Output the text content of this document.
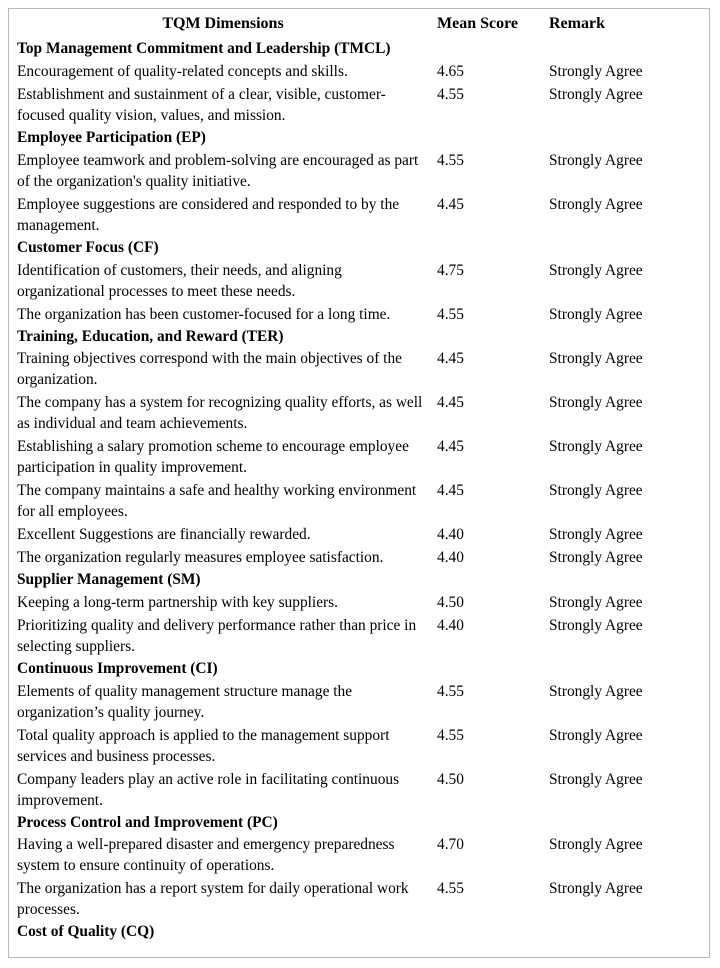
TQM Dimensions	Mean Score	Remark
Top Management Commitment and Leadership (TMCL)		
Encouragement of quality-related concepts and skills.	4.65	Strongly Agree
Establishment and sustainment of a clear, visible, customer-focused quality vision, values, and mission.	4.55	Strongly Agree
Employee Participation (EP)		
Employee teamwork and problem-solving are encouraged as part of the organization's quality initiative.	4.55	Strongly Agree
Employee suggestions are considered and responded to by the management.	4.45	Strongly Agree
Customer Focus (CF)		
Identification of customers, their needs, and aligning organizational processes to meet these needs.	4.75	Strongly Agree
The organization has been customer-focused for a long time.	4.55	Strongly Agree
Training, Education, and Reward (TER)		
Training objectives correspond with the main objectives of the organization.	4.45	Strongly Agree
The company has a system for recognizing quality efforts, as well as individual and team achievements.	4.45	Strongly Agree
Establishing a salary promotion scheme to encourage employee participation in quality improvement.	4.45	Strongly Agree
The company maintains a safe and healthy working environment for all employees.	4.45	Strongly Agree
Excellent Suggestions are financially rewarded.	4.40	Strongly Agree
The organization regularly measures employee satisfaction.	4.40	Strongly Agree
Supplier Management (SM)		
Keeping a long-term partnership with key suppliers.	4.50	Strongly Agree
Prioritizing quality and delivery performance rather than price in selecting suppliers.	4.40	Strongly Agree
Continuous Improvement (CI)		
Elements of quality management structure manage the organization’s quality journey.	4.55	Strongly Agree
Total quality approach is applied to the management support services and business processes.	4.55	Strongly Agree
Company leaders play an active role in facilitating continuous improvement.	4.50	Strongly Agree
Process Control and Improvement (PC)		
Having a well-prepared disaster and emergency preparedness system to ensure continuity of operations.	4.70	Strongly Agree
The organization has a report system for daily operational work processes.	4.55	Strongly Agree
Cost of Quality (CQ)		
